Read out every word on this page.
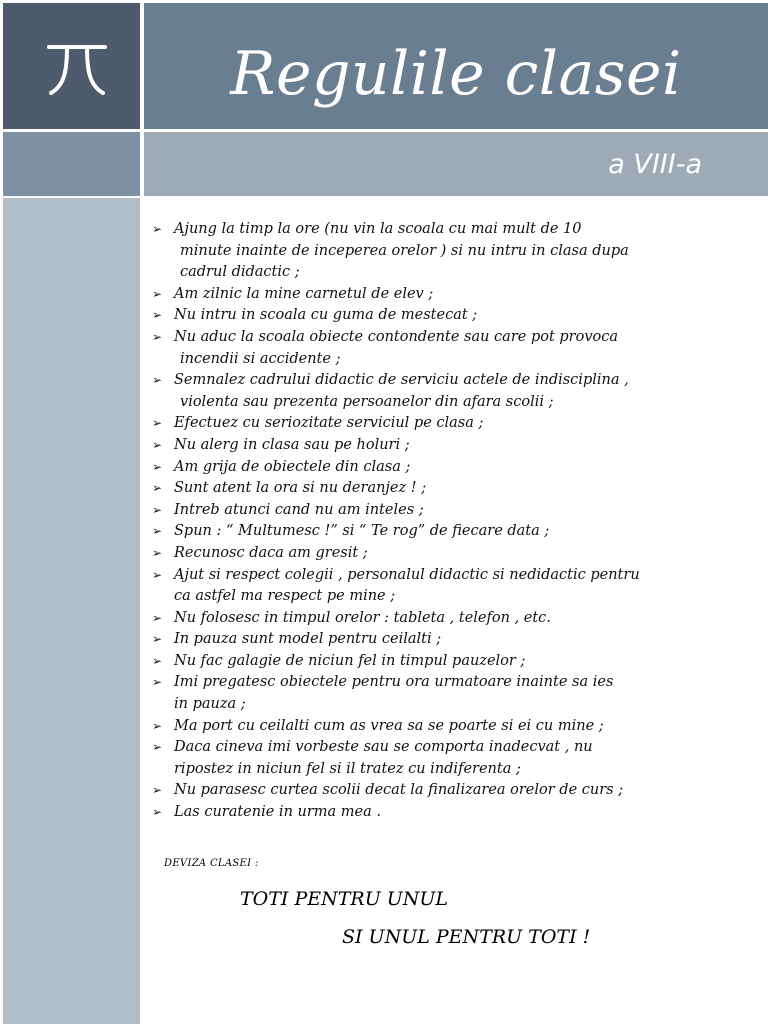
Regulile clasei
a VIII-a
➢ Ajung la timp la ore (nu vin la scoala cu mai mult de 10
minute inainte de inceperea orelor ) si nu intru in clasa dupa
cadrul didactic ;
➢ Am zilnic la mine carnetul de elev ;
➢ Nu intru in scoala cu guma de mestecat ;
➢ Nu aduc la scoala obiecte contondente sau care pot provoca
incendii si accidente ;
➢ Semnalez cadrului didactic de serviciu actele de indisciplina ,
violenta sau prezenta persoanelor din afara scolii ;
➢ Efectuez cu seriozitate serviciul pe clasa ;
➢ Nu alerg in clasa sau pe holuri ;
➢ Am grija de obiectele din clasa ;
➢ Sunt atent la ora si nu deranjez ! ;
➢ Intreb atunci cand nu am inteles ;
➢ Spun : “ Multumesc !” si “ Te rog” de fiecare data ;
➢ Recunosc daca am gresit ;
➢ Ajut si respect colegii , personalul didactic si nedidactic pentru
ca astfel ma respect pe mine ;
➢ Nu folosesc in timpul orelor : tableta , telefon , etc.
➢ In pauza sunt model pentru ceilalti ;
➢ Nu fac galagie de niciun fel in timpul pauzelor ;
➢ Imi pregatesc obiectele pentru ora urmatoare inainte sa ies
in pauza ;
➢ Ma port cu ceilalti cum as vrea sa se poarte si ei cu mine ;
➢ Daca cineva imi vorbeste sau se comporta inadecvat , nu
ripostez in niciun fel si il tratez cu indiferenta ;
➢ Nu parasesc curtea scolii decat la finalizarea orelor de curs ;
➢ Las curatenie in urma mea .
DEVIZA CLASEI :
TOTI PENTRU UNUL
SI UNUL PENTRU TOTI !
